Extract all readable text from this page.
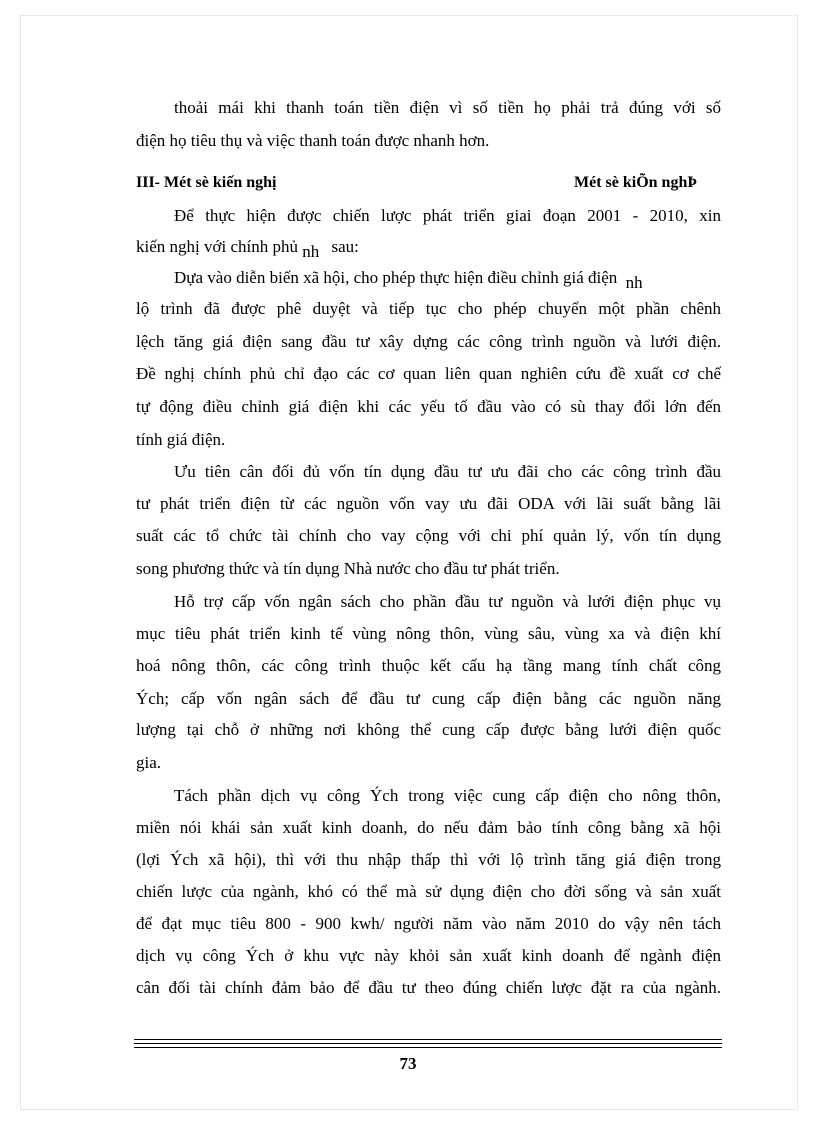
thoải mái khi thanh toán tiền điện vì số tiền họ phải trả đúng với số
điện họ tiêu thụ và việc thanh toán được nhanh hơn.
III- Mét sè kiến nghị	Mét sè kiÕn nghÞ
Để thực hiện được chiến lược phát triển giai đoạn 2001 - 2010, xin
kiến nghị với chính phủ nh sau:
Dựa vào diễn biến xã hội, cho phép thực hiện điều chỉnh giá điện nh
lộ trình đã được phê duyệt và tiếp tục cho phép chuyển một phần chênh
lệch tăng giá điện sang đầu tư xây dựng các công trình nguồn và lưới điện.
Đề nghị chính phủ chỉ đạo các cơ quan liên quan nghiên cứu đề xuất cơ chế
tự động điều chỉnh giá điện khi các yếu tố đầu vào có sù thay đổi lớn đến
tính giá điện.
Ưu tiên cân đối đủ vốn tín dụng đầu tư ưu đãi cho các công trình đầu
tư phát triển điện từ các nguồn vốn vay ưu đãi ODA với lãi suất bằng lãi
suất các tổ chức tài chính cho vay cộng với chi phí quản lý, vốn tín dụng
song phương thức và tín dụng Nhà nước cho đầu tư phát triển.
Hỗ trợ cấp vốn ngân sách cho phần đầu tư nguồn và lưới điện phục vụ
mục tiêu phát triển kinh tế vùng nông thôn, vùng sâu, vùng xa và điện khí
hoá nông thôn, các công trình thuộc kết cấu hạ tầng mang tính chất công
Ých; cấp vốn ngân sách để đầu tư cung cấp điện bằng các nguồn năng
lượng tại chỗ ở những nơi không thể cung cấp được bằng lưới điện quốc
gia.
Tách phần dịch vụ công Ých trong việc cung cấp điện cho nông thôn,
miền nói khái sản xuất kinh doanh, do nếu đảm bảo tính công bằng xã hội
(lợi Ých xã hội), thì với thu nhập thấp thì với lộ trình tăng giá điện trong
chiến lược của ngành, khó có thể mà sử dụng điện cho đời sống và sản xuất
để đạt mục tiêu 800 - 900 kwh/ người năm vào năm 2010 do vậy nên tách
dịch vụ công Ých ở khu vực này khỏi sản xuất kinh doanh để ngành điện
cân đối tài chính đảm bảo để đầu tư theo đúng chiến lược đặt ra của ngành.
73
